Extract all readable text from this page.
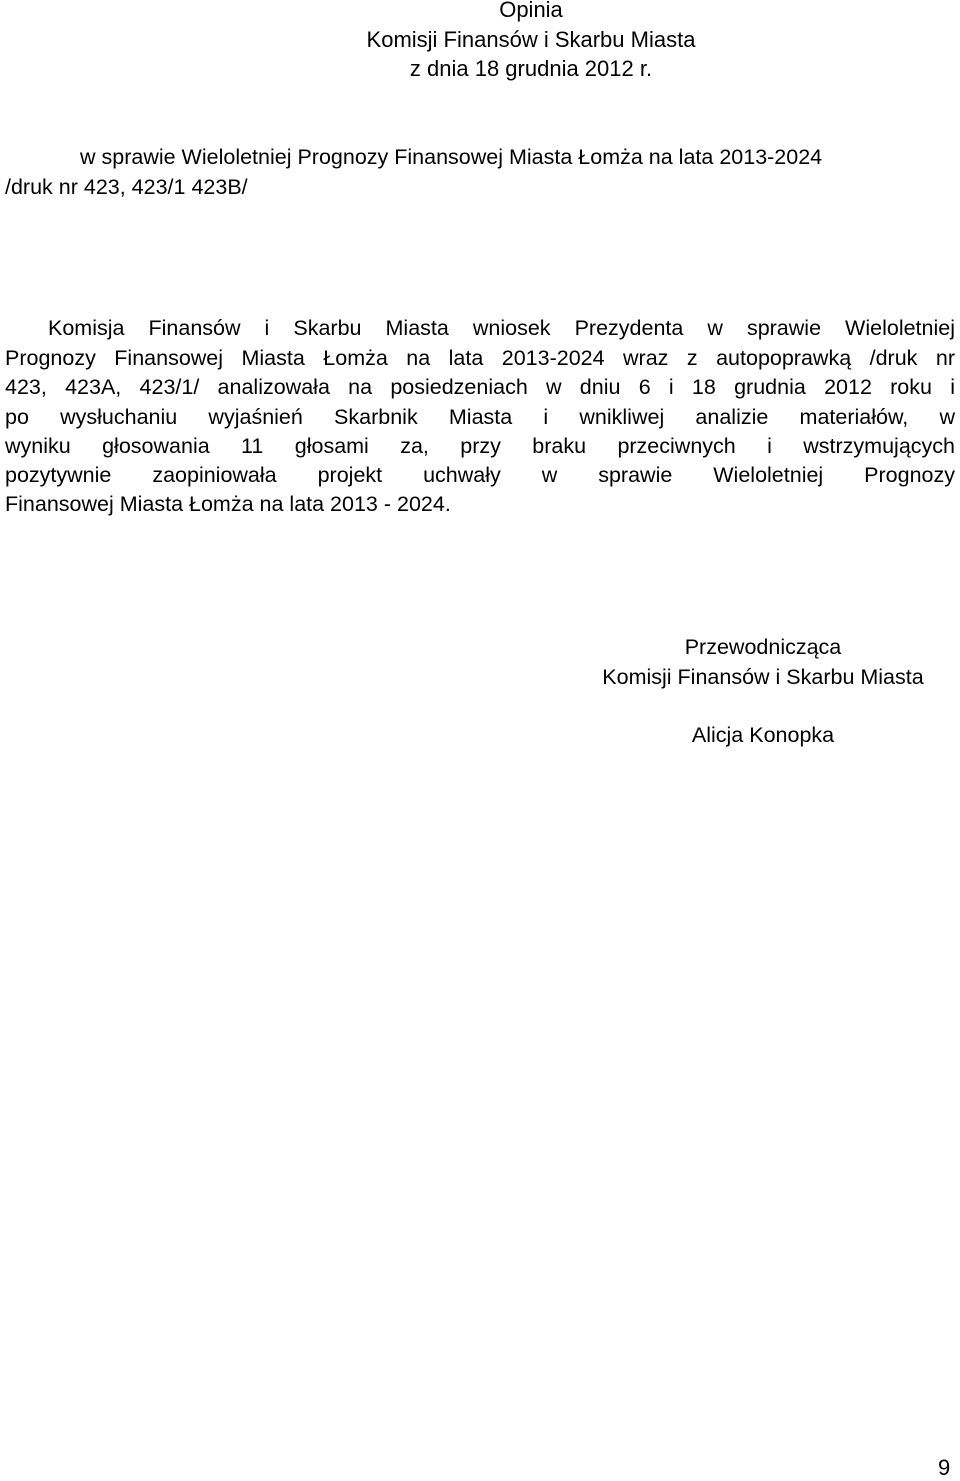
Opinia
Komisji Finansów i Skarbu Miasta
z dnia 18 grudnia 2012 r.
w sprawie Wieloletniej Prognozy Finansowej Miasta Łomża na lata 2013-2024
/druk nr 423, 423/1 423B/
Komisja Finansów i Skarbu Miasta wniosek Prezydenta w sprawie Wieloletniej
Prognozy Finansowej Miasta Łomża na lata 2013-2024 wraz z autopoprawką /druk nr
423, 423A, 423/1/ analizowała na posiedzeniach w dniu 6 i 18 grudnia 2012 roku i
po wysłuchaniu wyjaśnień Skarbnik Miasta i wnikliwej analizie materiałów, w
wyniku głosowania 11 głosami za, przy braku przeciwnych i wstrzymujących
pozytywnie zaopiniowała projekt uchwały w sprawie Wieloletniej Prognozy
Finansowej Miasta Łomża na lata 2013 - 2024.
Przewodnicząca
Komisji Finansów i Skarbu Miasta
Alicja Konopka
9
